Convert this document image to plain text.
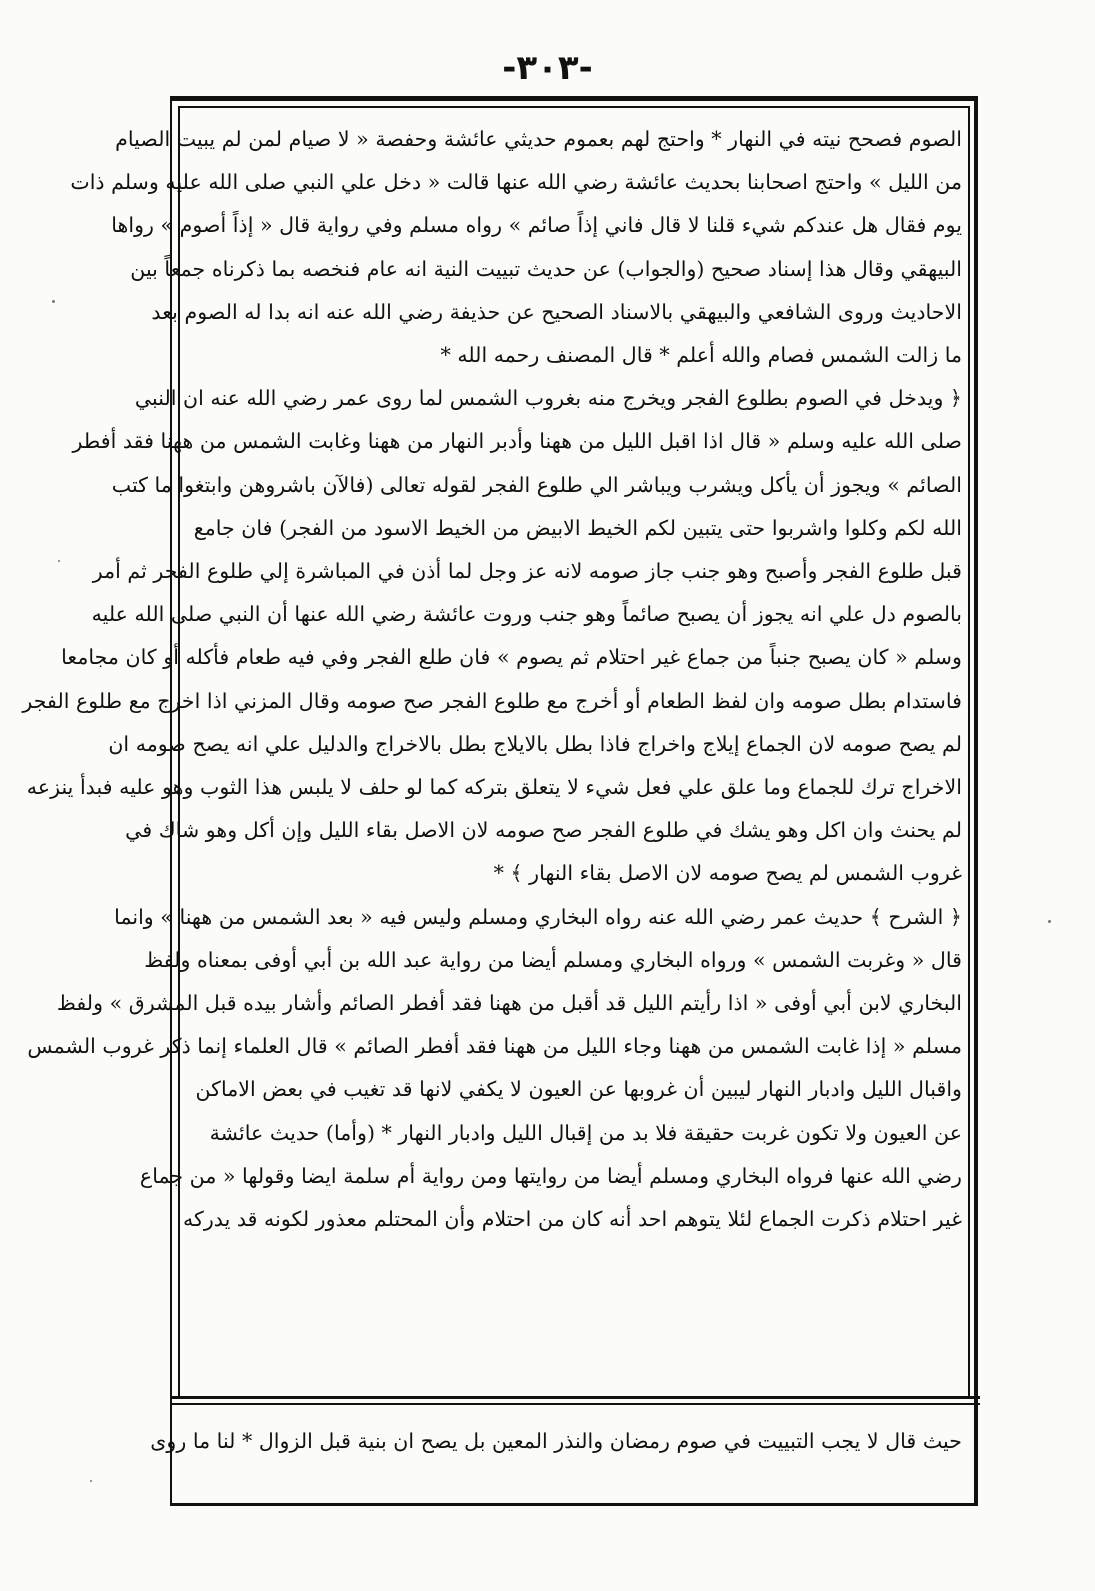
-٣٠٣-

الصوم فصحح نيته في النهار * واحتج لهم بعموم حديثي عائشة وحفصة « لا صيام لمن لم يبيت الصيام
من الليل » واحتج اصحابنا بحديث عائشة رضي الله عنها قالت « دخل علي النبي صلى الله عليه وسلم ذات
يوم فقال هل عندكم شيء قلنا لا قال فاني إذاً صائم » رواه مسلم وفي رواية قال « إذاً أصوم » رواها
البيهقي وقال هذا إسناد صحيح (والجواب) عن حديث تبييت النية انه عام فنخصه بما ذكرناه جمعاً بين
الاحاديث وروى الشافعي والبيهقي بالاسناد الصحيح عن حذيفة رضي الله عنه انه بدا له الصوم بعد
ما زالت الشمس فصام والله أعلم * قال المصنف رحمه الله *
﴿ ويدخل في الصوم بطلوع الفجر ويخرج منه بغروب الشمس لما روى عمر رضي الله عنه ان النبي
صلى الله عليه وسلم « قال اذا اقبل الليل من ههنا وأدبر النهار من ههنا وغابت الشمس من ههنا فقد أفطر
الصائم » ويجوز أن يأكل ويشرب ويباشر الي طلوع الفجر لقوله تعالى (فالآن باشروهن وابتغوا ما كتب
الله لكم وكلوا واشربوا حتى يتبين لكم الخيط الابيض من الخيط الاسود من الفجر) فان جامع
قبل طلوع الفجر وأصبح وهو جنب جاز صومه لانه عز وجل لما أذن في المباشرة إلي طلوع الفجر ثم أمر
بالصوم دل علي انه يجوز أن يصبح صائماً وهو جنب وروت عائشة رضي الله عنها أن النبي صلى الله عليه
وسلم « كان يصبح جنباً من جماع غير احتلام ثم يصوم » فان طلع الفجر وفي فيه طعام فأكله أو كان مجامعا
فاستدام بطل صومه وان لفظ الطعام أو أخرج مع طلوع الفجر صح صومه وقال المزني اذا اخرج مع طلوع الفجر
لم يصح صومه لان الجماع إيلاج واخراج فاذا بطل بالايلاج بطل بالاخراج والدليل علي انه يصح صومه ان
الاخراج ترك للجماع وما علق علي فعل شيء لا يتعلق بتركه كما لو حلف لا يلبس هذا الثوب وهو عليه فبدأ ينزعه
لم يحنث وان اكل وهو يشك في طلوع الفجر صح صومه لان الاصل بقاء الليل وإن أكل وهو شاك في
غروب الشمس لم يصح صومه لان الاصل بقاء النهار ﴾ *
﴿ الشرح ﴾ حديث عمر رضي الله عنه رواه البخاري ومسلم وليس فيه « بعد الشمس من ههنا » وانما
قال « وغربت الشمس » ورواه البخاري ومسلم أيضا من رواية عبد الله بن أبي أوفى بمعناه ولفظ
البخاري لابن أبي أوفى « اذا رأيتم الليل قد أقبل من ههنا فقد أفطر الصائم وأشار بيده قبل المشرق » ولفظ
مسلم « إذا غابت الشمس من ههنا وجاء الليل من ههنا فقد أفطر الصائم » قال العلماء إنما ذكر غروب الشمس
واقبال الليل وادبار النهار ليبين أن غروبها عن العيون لا يكفي لانها قد تغيب في بعض الاماكن
عن العيون ولا تكون غربت حقيقة فلا بد من إقبال الليل وادبار النهار * (وأما) حديث عائشة
رضي الله عنها فرواه البخاري ومسلم أيضا من روايتها ومن رواية أم سلمة ايضا وقولها « من جماع
غير احتلام ذكرت الجماع لئلا يتوهم احد أنه كان من احتلام وأن المحتلم معذور لكونه قد يدركه

حيث قال لا يجب التبييت في صوم رمضان والنذر المعين بل يصح ان بنية قبل الزوال * لنا ما روى
